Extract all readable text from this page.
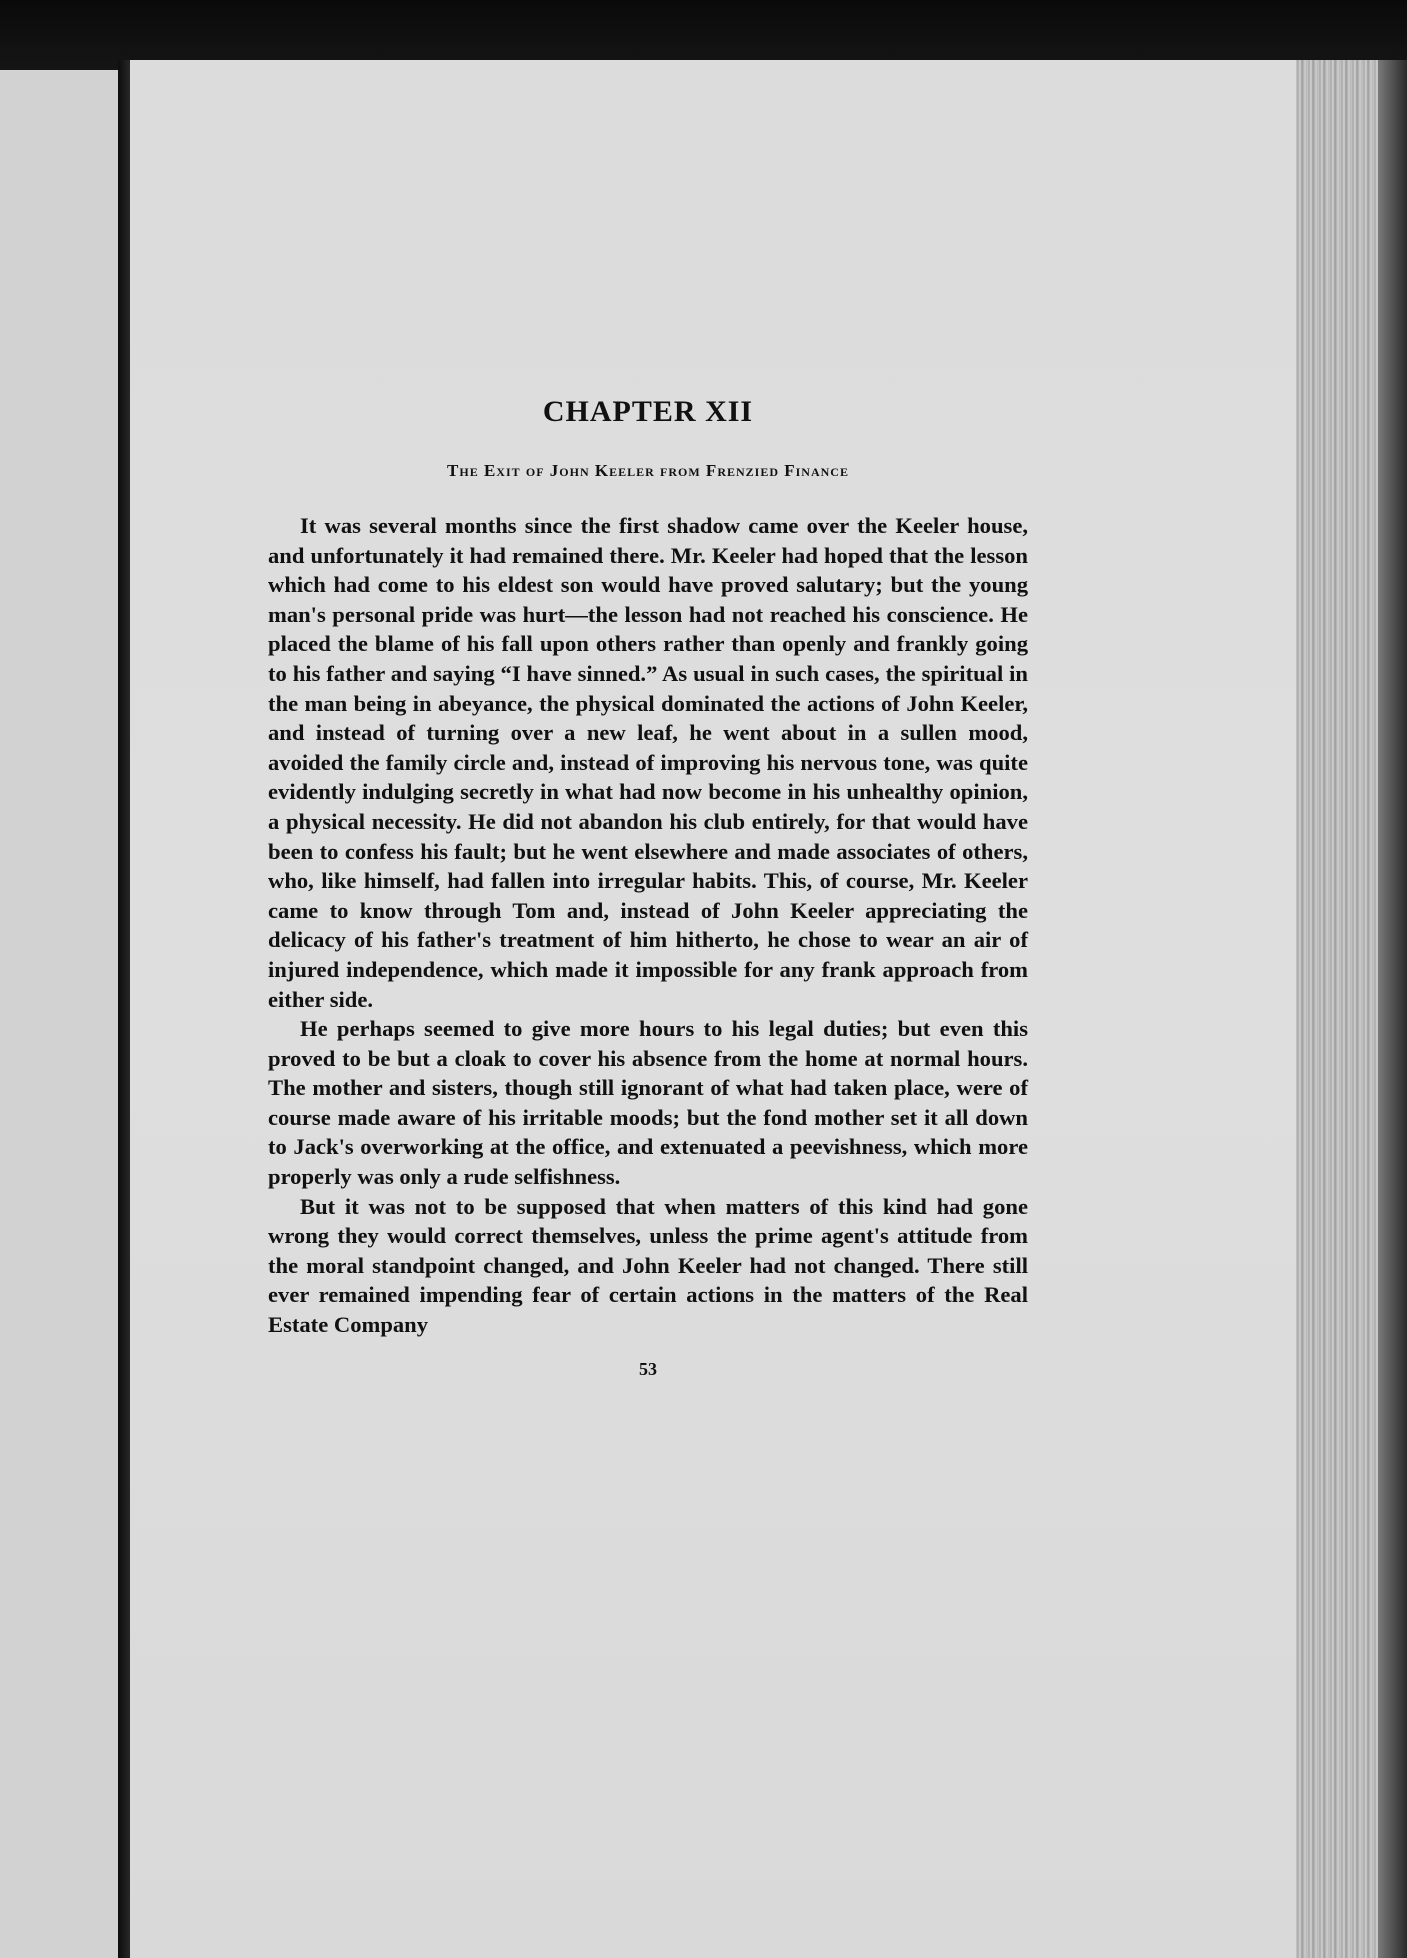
CHAPTER XII
The Exit of John Keeler from Frenzied Finance

It was several months since the first shadow came over the Keeler house, and unfortunately it had remained there. Mr. Keeler had hoped that the lesson which had come to his eldest son would have proved salutary; but the young man's personal pride was hurt—the lesson had not reached his conscience. He placed the blame of his fall upon others rather than openly and frankly going to his father and saying “I have sinned.” As usual in such cases, the spiritual in the man being in abeyance, the physical dominated the actions of John Keeler, and instead of turning over a new leaf, he went about in a sullen mood, avoided the family circle and, instead of improving his nervous tone, was quite evidently indulging secretly in what had now become in his unhealthy opinion, a physical necessity. He did not abandon his club entirely, for that would have been to confess his fault; but he went elsewhere and made associates of others, who, like himself, had fallen into irregular habits. This, of course, Mr. Keeler came to know through Tom and, instead of John Keeler appreciating the delicacy of his father's treatment of him hitherto, he chose to wear an air of injured independence, which made it impossible for any frank approach from either side.

He perhaps seemed to give more hours to his legal duties; but even this proved to be but a cloak to cover his absence from the home at normal hours. The mother and sisters, though still ignorant of what had taken place, were of course made aware of his irritable moods; but the fond mother set it all down to Jack's overworking at the office, and extenuated a peevishness, which more properly was only a rude selfishness.

But it was not to be supposed that when matters of this kind had gone wrong they would correct themselves, unless the prime agent's attitude from the moral standpoint changed, and John Keeler had not changed. There still ever remained impending fear of certain actions in the matters of the Real Estate Company

53
